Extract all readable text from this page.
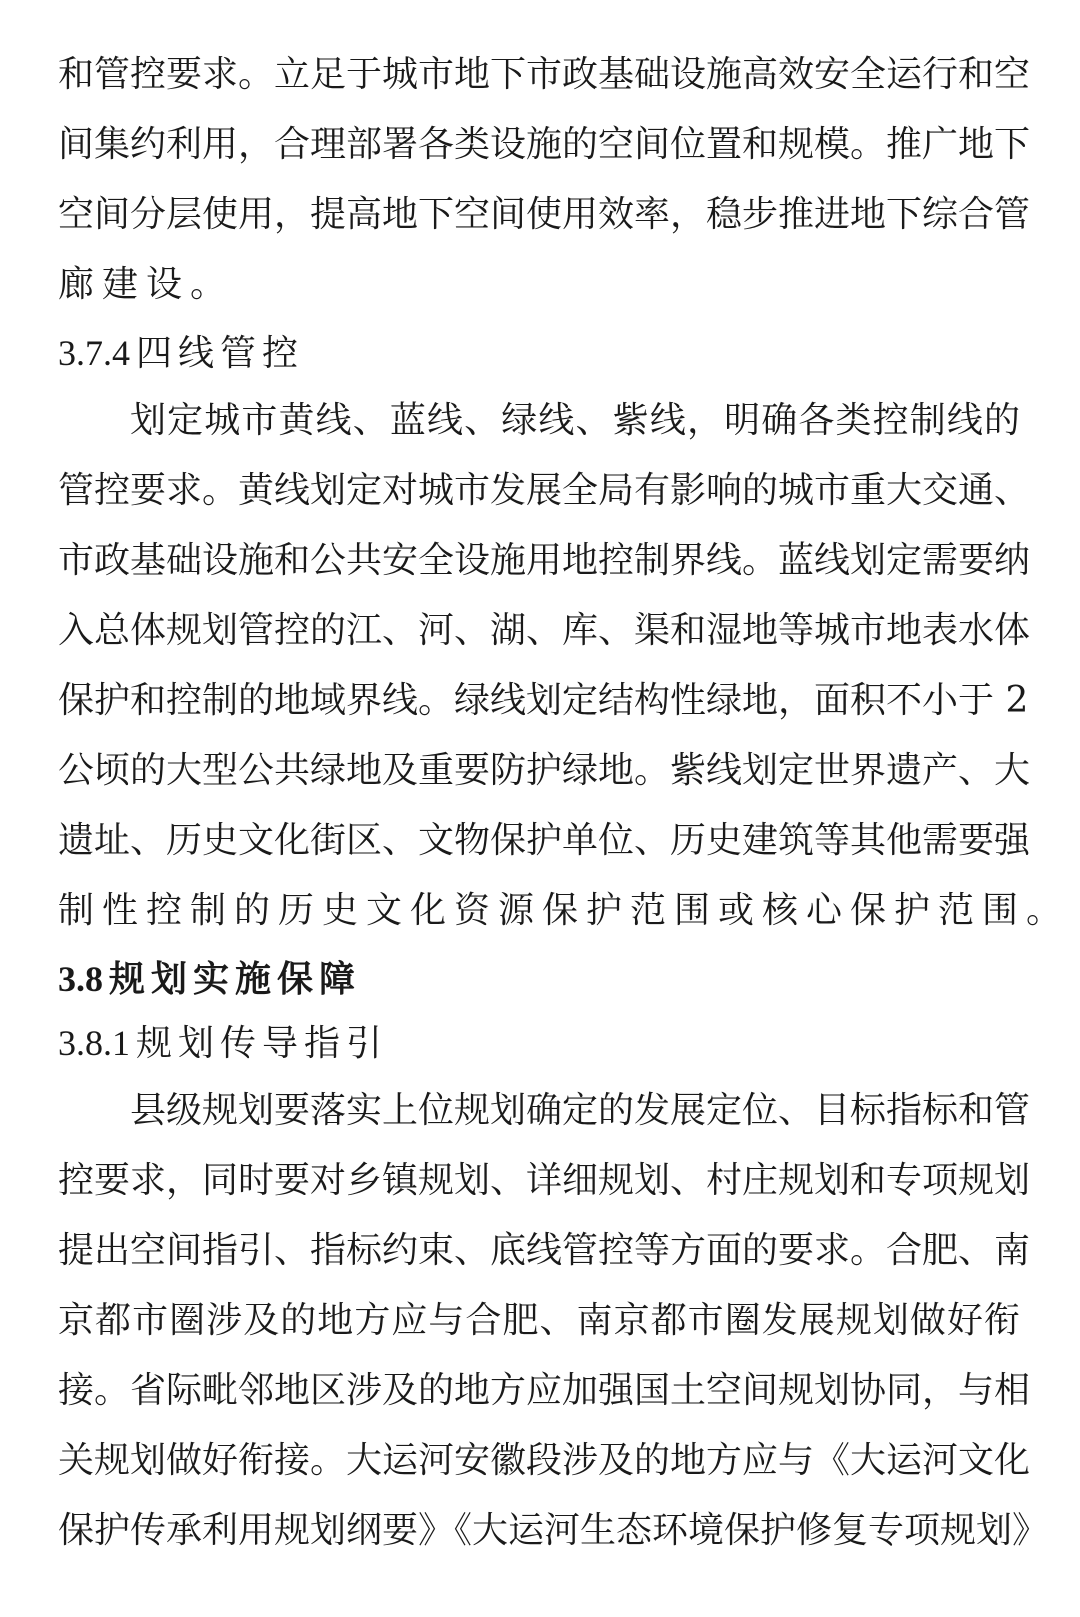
和管控要求。立足于城市地下市政基础设施高效安全运行和空
间集约利用，合理部署各类设施的空间位置和规模。推广地下
空间分层使用，提高地下空间使用效率，稳步推进地下综合管
廊建设。
3.7.4 四线管控
划定城市黄线、蓝线、绿线、紫线，明确各类控制线的
管控要求。黄线划定对城市发展全局有影响的城市重大交通、
市政基础设施和公共安全设施用地控制界线。蓝线划定需要纳
入总体规划管控的江、河、湖、库、渠和湿地等城市地表水体
保护和控制的地域界线。绿线划定结构性绿地，面积不小于 2
公顷的大型公共绿地及重要防护绿地。紫线划定世界遗产、大
遗址、历史文化街区、文物保护单位、历史建筑等其他需要强
制性控制的历史文化资源保护范围或核心保护范围。
3.8 规划实施保障
3.8.1 规划传导指引
县级规划要落实上位规划确定的发展定位、目标指标和管
控要求，同时要对乡镇规划、详细规划、村庄规划和专项规划
提出空间指引、指标约束、底线管控等方面的要求。合肥、南
京都市圈涉及的地方应与合肥、南京都市圈发展规划做好衔
接。省际毗邻地区涉及的地方应加强国土空间规划协同，与相
关规划做好衔接。大运河安徽段涉及的地方应与《大运河文化
保护传承利用规划纲要》《大运河生态环境保护修复专项规划》
